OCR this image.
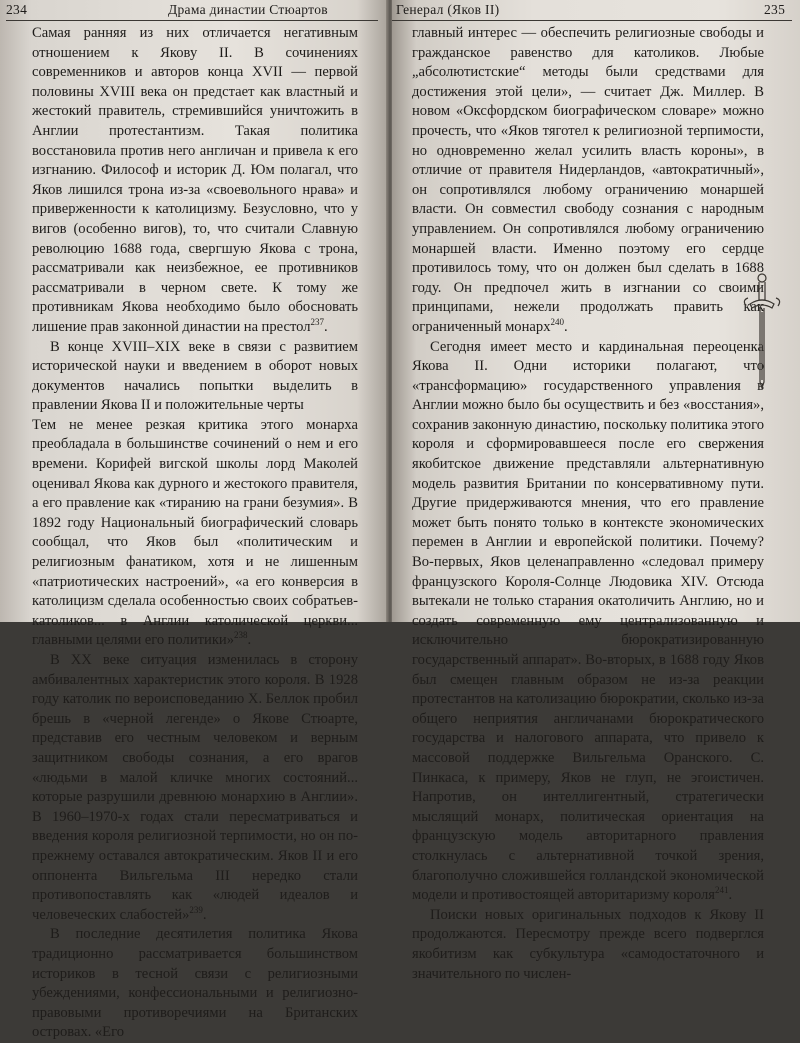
234	Драма династии Стюартов

Самая ранняя из них отличается негативным отношением к Якову II. В сочинениях современников и авторов конца XVII — первой половины XVIII века он предстает как властный и жестокий правитель, стремившийся уничтожить в Англии протестантизм. Такая политика восстановила против него англичан и привела к его изгнанию. Философ и историк Д. Юм полагал, что Яков лишился трона из-за «своевольного нрава» и приверженности к католицизму. Безусловно, что у вигов (особенно вигов), то, что считали Славную революцию 1688 года, свергшую Якова с трона, рассматривали как неизбежное, ее противников рассматривали в черном свете. К тому же противникам Якова необходимо было обосновать лишение прав законной династии на престол$^{237}$.

В конце XVIII–XIX веке в связи с развитием исторической науки и введением в оборот новых документов начались попытки выделить в правлении Якова II и положительные черты

Тем не менее резкая критика этого монарха преобладала в большинстве сочинений о нем и его времени. Корифей вигской школы лорд Маколей оценивал Якова как дурного и жестокого правителя, а его правление как «тиранию на грани безумия». В 1892 году Национальный биографический словарь сообщал, что Яков был «политическим и религиозным фанатиком, хотя и не лишенным «патриотических настроений», «а его конверсия в католицизм сделала особенностью своих собратьев-католиков... в Англии католической церкви... главными целями его политики»$^{238}$.

В XX веке ситуация изменилась в сторону амбивалентных характеристик этого короля. В 1928 году католик по вероисповеданию Х. Беллок пробил брешь в «черной легенде» о Якове Стюарте, представив его честным человеком и верным защитником свободы сознания, а его врагов «людьми в малой кличке многих состояний... которые разрушили древнюю монархию в Англии». В 1960–1970-х годах стали пересматриваться и введения короля религиозной терпимости, но он по-прежнему оставался автократическим. Яков II и его оппонента Вильгельма III нередко стали противопоставлять как «людей идеалов и человеческих слабостей»$^{239}$.

В последние десятилетия политика Якова традиционно рассматривается большинством историков в тесной связи с религиозными убеждениями, конфессиональными и религиозно-правовыми противоречиями на Британских островах. «Его

Генерал (Яков II)	235

главный интерес — обеспечить религиозные свободы и гражданское равенство для католиков. Любые „абсолютистские“ методы были средствами для достижения этой цели», — считает Дж. Миллер. В новом «Оксфордском биографическом словаре» можно прочесть, что «Яков тяготел к религиозной терпимости, но одновременно желал усилить власть короны», в отличие от правителя Нидерландов, «автократичный», он сопротивлялся любому ограничению монаршей власти. Он совместил свободу сознания с народным управлением. Он сопротивлялся любому ограничению монаршей власти. Именно поэтому его сердце противилось тому, что он должен был сделать в 1688 году. Он предпочел жить в изгнании со своими принципами, нежели продолжать править как ограниченный монарх$^{240}$.

Сегодня имеет место и кардинальная переоценка Якова II. Одни историки полагают, что «трансформацию» государственного управления в Англии можно было бы осуществить и без «восстания», сохранив законную династию, поскольку политика этого короля и сформировавшееся после его свержения якобитское движение представляли альтернативную модель развития Британии по консервативному пути. Другие придерживаются мнения, что его правление может быть понято только в контексте экономических перемен в Англии и европейской политики. Почему? Во-первых, Яков целенаправленно «следовал примеру французского Короля-Солнце Людовика XIV. Отсюда вытекали не только старания окатоличить Англию, но и создать современную ему централизованную и исключительно бюрократизированную государственный аппарат». Во-вторых, в 1688 году Яков был смещен главным образом не из-за реакции протестантов на католизацию бюрократии, сколько из-за общего неприятия англичанами бюрократического государства и налогового аппарата, что привело к массовой поддержке Вильгельма Оранского. С. Пинкаса, к примеру, Яков не глуп, не эгоистичен. Напротив, он интеллигентный, стратегически мыслящий монарх, политическая ориентация на французскую модель авторитарного правления столкнулась с альтернативной точкой зрения, благополучно сложившейся голландской экономической модели и противостоящей авторитаризму короля$^{241}$.

Поиски новых оригинальных подходов к Якову II продолжаются. Пересмотру прежде всего подверглся якобитизм как субкультура «самодостаточного и значительного по числен-
